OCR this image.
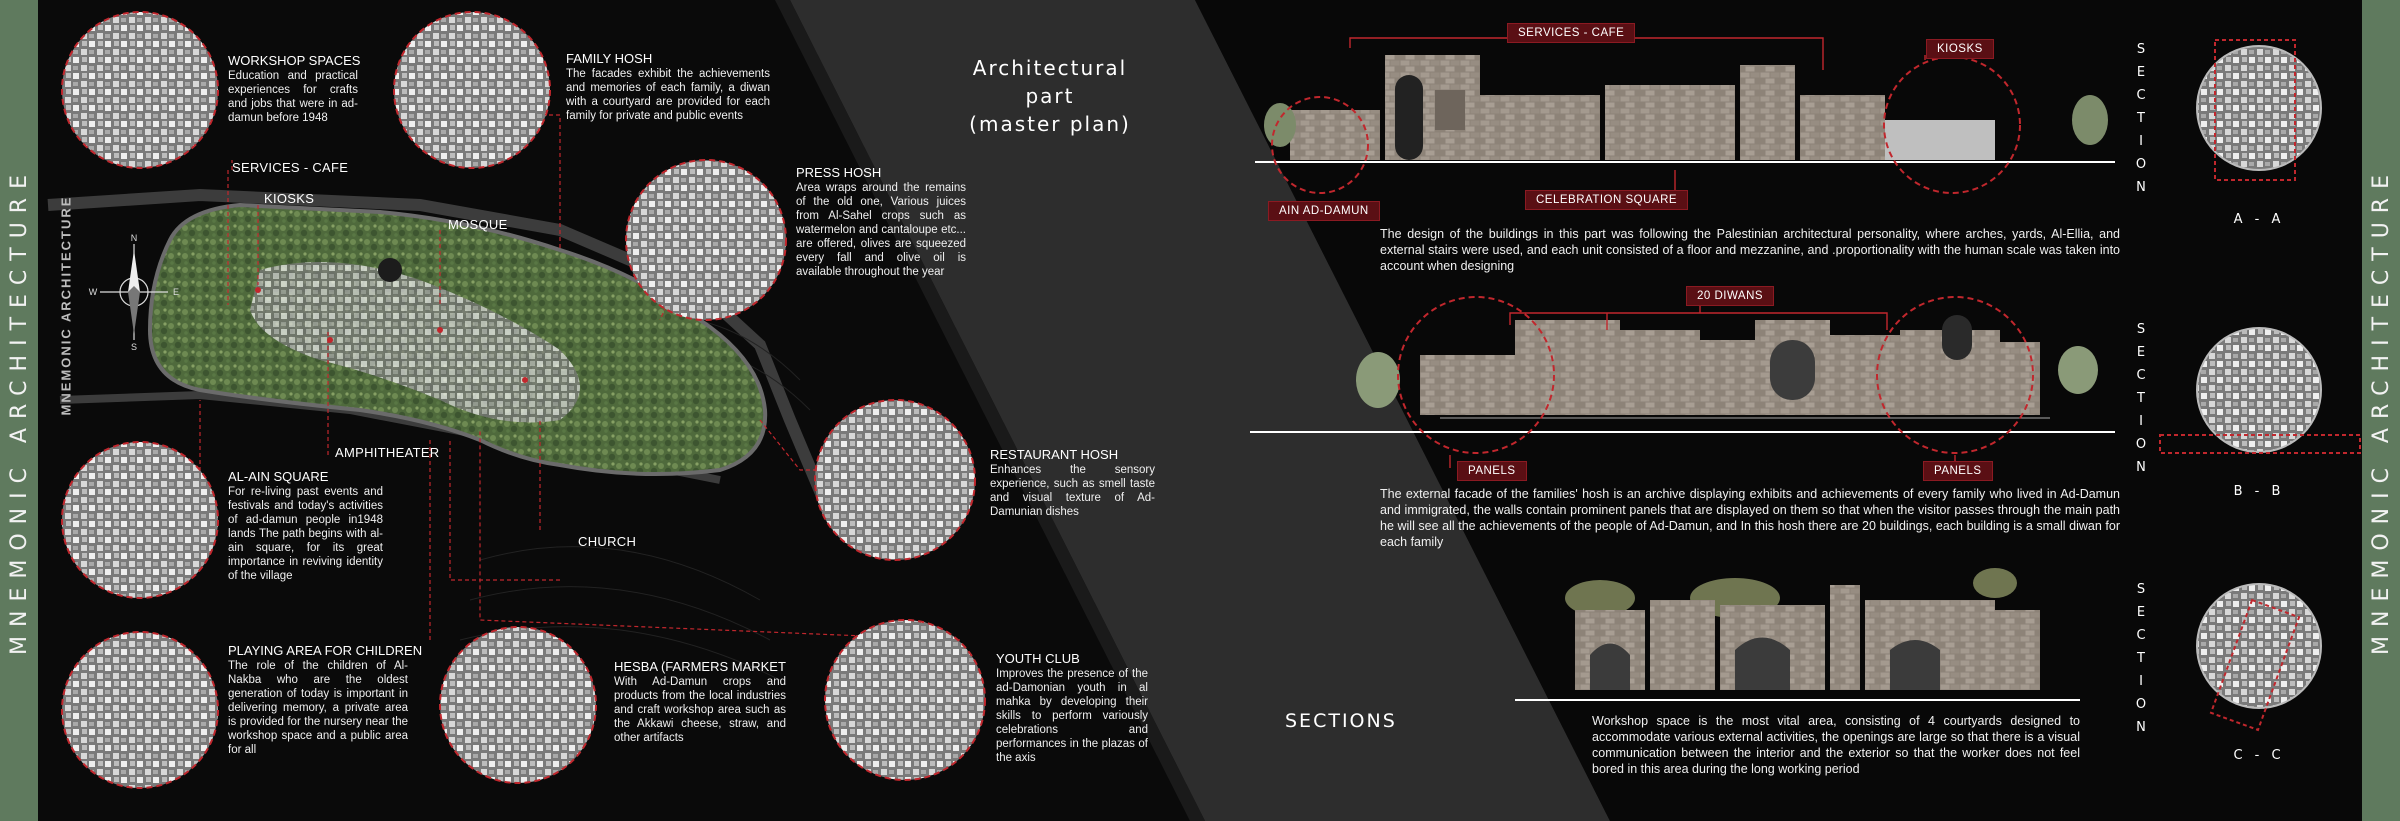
N
S
E
W
MNEMONIC ARCHITECTURE	MNEMONIC ARCHITECTURE
MNEMONIC ARCHITECTURE
Architectural
part
(master plan)
SECTIONS
SERVICES - CAFE
KIOSKS
MOSQUE
AMPHITHEATER
CHURCH
WORKSHOP SPACES
Education and practical experiences for crafts and jobs that were in ad-damun before 1948
FAMILY HOSH
The facades exhibit the achievements and memories of each family, a diwan with a courtyard are provided for each family for private and public events
PRESS HOSH
Area wraps around the remains of the old one, Various juices from Al-Sahel crops such as watermelon and cantaloupe etc... are offered, olives are squeezed every fall and olive oil is available throughout the year
RESTAURANT HOSH
Enhances the sensory experience, such as smell taste and visual texture of Ad-Damunian dishes
AL-AIN SQUARE
For re-living past events and festivals and today's activities of ad-damun people in1948 lands The path begins with al-ain square, for its great importance in reviving identity of the village
PLAYING AREA FOR CHILDREN
The role of the children of Al-Nakba who are the oldest generation of today is important in delivering memory, a private area is provided for the nursery near the workshop space and a public area for all
HESBA (FARMERS MARKET
With Ad-Damun crops and products from the local industries and craft workshop area such as the Akkawi cheese, straw, and other artifacts
YOUTH CLUB
Improves the presence of the ad-Damonian youth in al mahka by developing their skills to perform variously celebrations and performances in the plazas of the axis
SERVICES - CAFE
KIOSKS
AIN AD-DAMUN
CELEBRATION SQUARE
20 DIWANS
PANELS	PANELS
The design of the buildings in this part was following the Palestinian architectural personality, where arches, yards, Al-Ellia, and external stairs were used, and each unit consisted of a floor and mezzanine, and .proportionality with the human scale was taken into account when designing
The external facade of the families' hosh is an archive displaying exhibits and achievements of every family who lived in Ad-Damun and immigrated, the walls contain prominent panels that are displayed on them so that when the visitor passes through the main path he will see all the achievements of the people of Ad-Damun, and In this hosh there are 20 buildings, each building is a small diwan for each family
Workshop space is the most vital area, consisting of 4 courtyards designed to accommodate various external activities, the openings are large so that there is a visual communication between the interior and the exterior so that the worker does not feel bored in this area during the long working period
S
E
C
T
I
O
N
S
E
C
T
I
O
N
S
E
C
T
I
O
N
A - A
B - B
C - C
